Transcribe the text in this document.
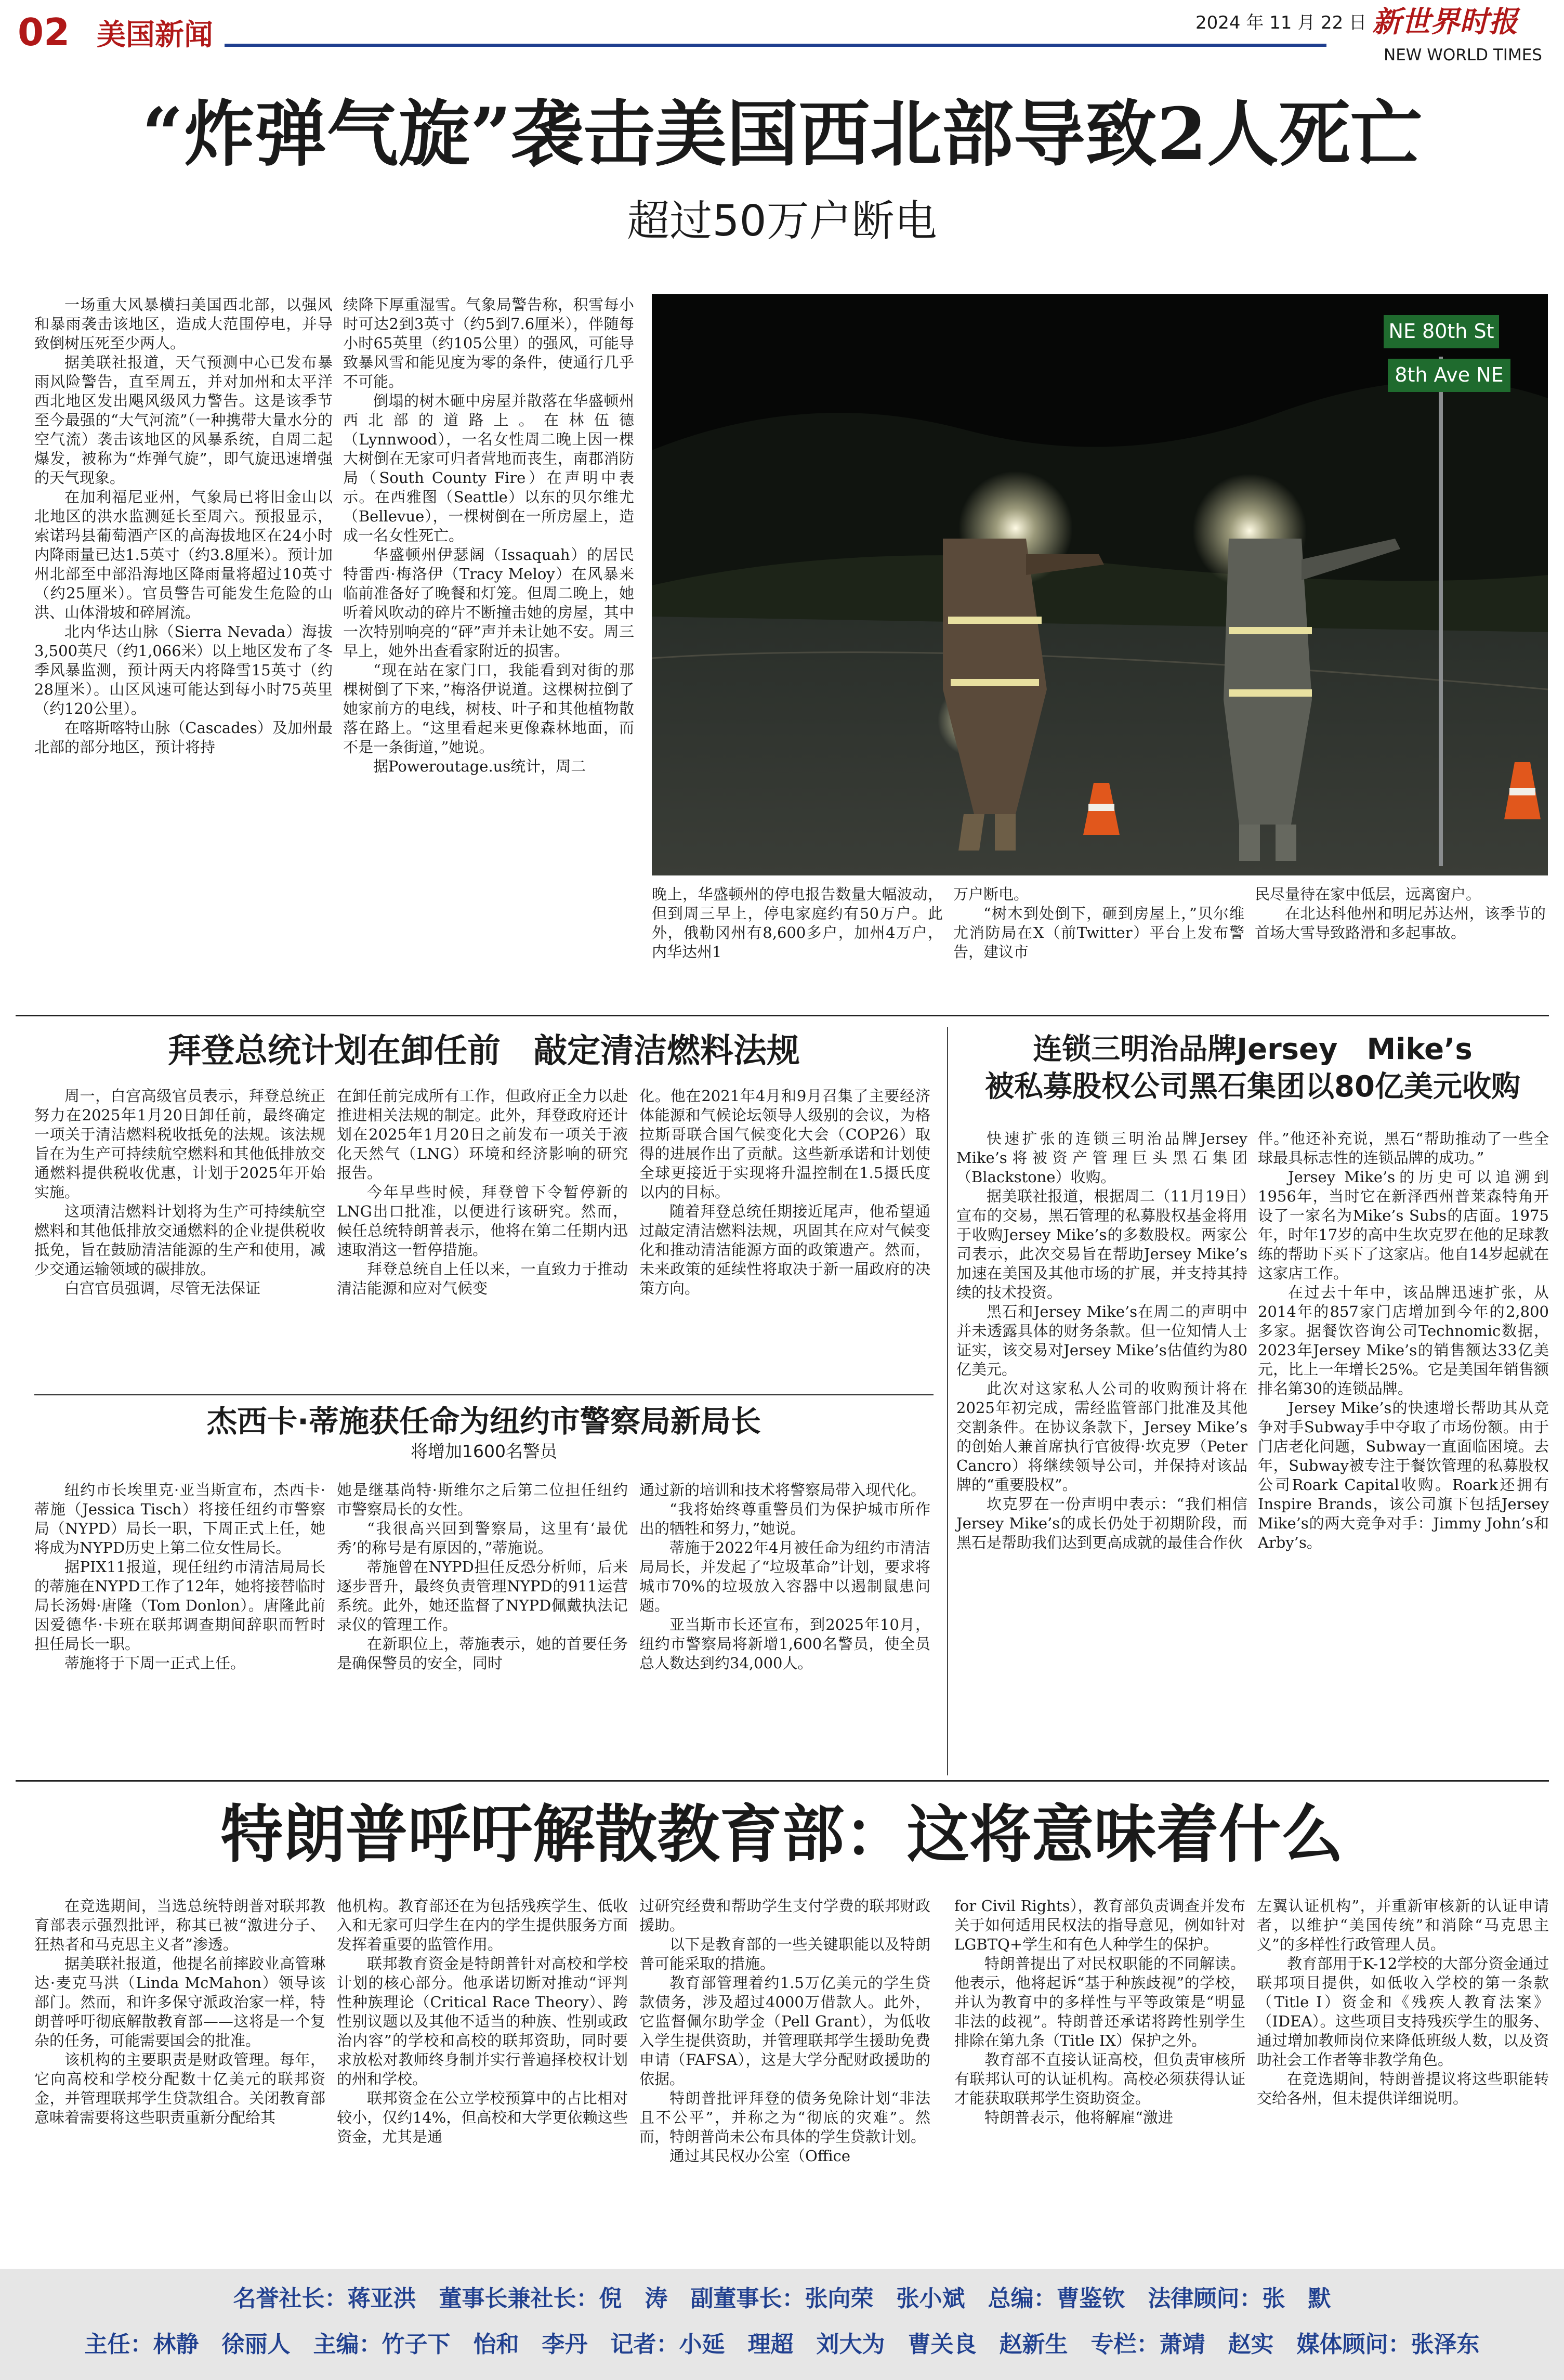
02 美国新闻	2024 年 11 月 22 日 新世界时报
NEW WORLD TIMES
“炸弹气旋”袭击美国西北部导致2人死亡
超过50万户断电

一场重大风暴横扫美国西北部，以强风和暴雨袭击该地区，造成大范围停电，并导致倒树压死至少两人。

据美联社报道，天气预测中心已发布暴雨风险警告，直至周五，并对加州和太平洋西北地区发出飓风级风力警告。这是该季节至今最强的“大气河流”（一种携带大量水分的空气流）袭击该地区的风暴系统，自周二起爆发，被称为“炸弹气旋”，即气旋迅速增强的天气现象。

在加利福尼亚州，气象局已将旧金山以北地区的洪水监测延长至周六。预报显示，索诺玛县葡萄酒产区的高海拔地区在24小时内降雨量已达1.5英寸（约3.8厘米）。预计加州北部至中部沿海地区降雨量将超过10英寸（约25厘米）。官员警告可能发生危险的山洪、山体滑坡和碎屑流。

北内华达山脉（Sierra Nevada）海拔3,500英尺（约1,066米）以上地区发布了冬季风暴监测，预计两天内将降雪15英寸（约28厘米）。山区风速可能达到每小时75英里（约120公里）。

在喀斯喀特山脉（Cascades）及加州最北部的部分地区，预计将持

续降下厚重湿雪。气象局警告称，积雪每小时可达2到3英寸（约5到7.6厘米），伴随每小时65英里（约105公里）的强风，可能导致暴风雪和能见度为零的条件，使通行几乎不可能。

倒塌的树木砸中房屋并散落在华盛顿州西北部的道路上。在林伍德（Lynnwood），一名女性周二晚上因一棵大树倒在无家可归者营地而丧生，南郡消防局（South County Fire）在声明中表示。在西雅图（Seattle）以东的贝尔维尤（Bellevue），一棵树倒在一所房屋上，造成一名女性死亡。

华盛顿州伊瑟阔（Issaquah）的居民特雷西·梅洛伊（Tracy Meloy）在风暴来临前准备好了晚餐和灯笼。但周二晚上，她听着风吹动的碎片不断撞击她的房屋，其中一次特别响亮的“砰”声并未让她不安。周三早上，她外出查看家附近的损害。

“现在站在家门口，我能看到对街的那棵树倒了下来，”梅洛伊说道。这棵树拉倒了她家前方的电线，树枝、叶子和其他植物散落在路上。“这里看起来更像森林地面，而不是一条街道，”她说。

据Poweroutage.us统计，周二

NE 80th St
8th Ave NE

晚上，华盛顿州的停电报告数量大幅波动，但到周三早上，停电家庭约有50万户。此外，俄勒冈州有8,600多户，加州4万户，内华达州1

万户断电。

“树木到处倒下，砸到房屋上，”贝尔维尤消防局在X（前Twitter）平台上发布警告，建议市

民尽量待在家中低层，远离窗户。

在北达科他州和明尼苏达州，该季节的首场大雪导致路滑和多起事故。

拜登总统计划在卸任前　敲定清洁燃料法规

周一，白宫高级官员表示，拜登总统正努力在2025年1月20日卸任前，最终确定一项关于清洁燃料税收抵免的法规。该法规旨在为生产可持续航空燃料和其他低排放交通燃料提供税收优惠，计划于2025年开始实施。

这项清洁燃料计划将为生产可持续航空燃料和其他低排放交通燃料的企业提供税收抵免，旨在鼓励清洁能源的生产和使用，减少交通运输领域的碳排放。

白宫官员强调，尽管无法保证

在卸任前完成所有工作，但政府正全力以赴推进相关法规的制定。此外，拜登政府还计划在2025年1月20日之前发布一项关于液化天然气（LNG）环境和经济影响的研究报告。

今年早些时候，拜登曾下令暂停新的LNG出口批准，以便进行该研究。然而，候任总统特朗普表示，他将在第二任期内迅速取消这一暂停措施。

拜登总统自上任以来，一直致力于推动清洁能源和应对气候变

化。他在2021年4月和9月召集了主要经济体能源和气候论坛领导人级别的会议，为格拉斯哥联合国气候变化大会（COP26）取得的进展作出了贡献。这些新承诺和计划使全球更接近于实现将升温控制在1.5摄氏度以内的目标。

随着拜登总统任期接近尾声，他希望通过敲定清洁燃料法规，巩固其在应对气候变化和推动清洁能源方面的政策遗产。然而，未来政策的延续性将取决于新一届政府的决策方向。

杰西卡·蒂施获任命为纽约市警察局新局长
将增加1600名警员

纽约市长埃里克·亚当斯宣布，杰西卡·蒂施（Jessica Tisch）将接任纽约市警察局（NYPD）局长一职，下周正式上任，她将成为NYPD历史上第二位女性局长。

据PIX11报道，现任纽约市清洁局局长的蒂施在NYPD工作了12年，她将接替临时局长汤姆·唐隆（Tom Donlon）。唐隆此前因爱德华·卡班在联邦调查期间辞职而暂时担任局长一职。

蒂施将于下周一正式上任。

她是继基尚特·斯维尔之后第二位担任纽约市警察局长的女性。

“我很高兴回到警察局，这里有‘最优秀’的称号是有原因的，”蒂施说。

蒂施曾在NYPD担任反恐分析师，后来逐步晋升，最终负责管理NYPD的911运营系统。此外，她还监督了NYPD佩戴执法记录仪的管理工作。

在新职位上，蒂施表示，她的首要任务是确保警员的安全，同时

通过新的培训和技术将警察局带入现代化。

“我将始终尊重警员们为保护城市所作出的牺牲和努力，”她说。

蒂施于2022年4月被任命为纽约市清洁局局长，并发起了“垃圾革命”计划，要求将城市70%的垃圾放入容器中以遏制鼠患问题。

亚当斯市长还宣布，到2025年10月，纽约市警察局将新增1,600名警员，使全员总人数达到约34,000人。

连锁三明治品牌Jersey　Mike’s
被私募股权公司黑石集团以80亿美元收购

快速扩张的连锁三明治品牌Jersey Mike’s将被资产管理巨头黑石集团（Blackstone）收购。

据美联社报道，根据周二（11月19日）宣布的交易，黑石管理的私募股权基金将用于收购Jersey Mike’s的多数股权。两家公司表示，此次交易旨在帮助Jersey Mike’s加速在美国及其他市场的扩展，并支持其持续的技术投资。

黑石和Jersey Mike’s在周二的声明中并未透露具体的财务条款。但一位知情人士证实，该交易对Jersey Mike’s估值约为80亿美元。

此次对这家私人公司的收购预计将在2025年初完成，需经监管部门批准及其他交割条件。在协议条款下，Jersey Mike’s的创始人兼首席执行官彼得·坎克罗（Peter Cancro）将继续领导公司，并保持对该品牌的“重要股权”。

坎克罗在一份声明中表示：“我们相信Jersey Mike’s的成长仍处于初期阶段，而黑石是帮助我们达到更高成就的最佳合作伙

伴。”他还补充说，黑石“帮助推动了一些全球最具标志性的连锁品牌的成功。”

Jersey Mike’s的历史可以追溯到1956年，当时它在新泽西州普莱森特角开设了一家名为Mike’s Subs的店面。1975年，时年17岁的高中生坎克罗在他的足球教练的帮助下买下了这家店。他自14岁起就在这家店工作。

在过去十年中，该品牌迅速扩张，从2014年的857家门店增加到今年的2,800多家。据餐饮咨询公司Technomic数据，2023年Jersey Mike’s的销售额达33亿美元，比上一年增长25%。它是美国年销售额排名第30的连锁品牌。

Jersey Mike’s的快速增长帮助其从竞争对手Subway手中夺取了市场份额。由于门店老化问题，Subway一直面临困境。去年，Subway被专注于餐饮管理的私募股权公司Roark Capital收购。Roark还拥有Inspire Brands，该公司旗下包括Jersey Mike’s的两大竞争对手：Jimmy John’s和Arby’s。

特朗普呼吁解散教育部：这将意味着什么

在竞选期间，当选总统特朗普对联邦教育部表示强烈批评，称其已被“激进分子、狂热者和马克思主义者”渗透。

据美联社报道，他提名前摔跤业高管琳达·麦克马洪（Linda McMahon）领导该部门。然而，和许多保守派政治家一样，特朗普呼吁彻底解散教育部——这将是一个复杂的任务，可能需要国会的批准。

该机构的主要职责是财政管理。每年，它向高校和学校分配数十亿美元的联邦资金，并管理联邦学生贷款组合。关闭教育部意味着需要将这些职责重新分配给其

他机构。教育部还在为包括残疾学生、低收入和无家可归学生在内的学生提供服务方面发挥着重要的监管作用。

联邦教育资金是特朗普针对高校和学校计划的核心部分。他承诺切断对推动“评判性种族理论（Critical Race Theory）、跨性别议题以及其他不适当的种族、性别或政治内容”的学校和高校的联邦资助，同时要求放松对教师终身制并实行普遍择校权计划的州和学校。

联邦资金在公立学校预算中的占比相对较小，仅约14%，但高校和大学更依赖这些资金，尤其是通

过研究经费和帮助学生支付学费的联邦财政援助。

以下是教育部的一些关键职能以及特朗普可能采取的措施。

教育部管理着约1.5万亿美元的学生贷款债务，涉及超过4000万借款人。此外，它监督佩尔助学金（Pell Grant），为低收入学生提供资助，并管理联邦学生援助免费申请（FAFSA），这是大学分配财政援助的依据。

特朗普批评拜登的债务免除计划“非法且不公平”，并称之为“彻底的灾难”。然而，特朗普尚未公布具体的学生贷款计划。

通过其民权办公室（Office

for Civil Rights），教育部负责调查并发布关于如何适用民权法的指导意见，例如针对LGBTQ+学生和有色人种学生的保护。

特朗普提出了对民权职能的不同解读。他表示，他将起诉“基于种族歧视”的学校，并认为教育中的多样性与平等政策是“明显非法的歧视”。特朗普还承诺将跨性别学生排除在第九条（Title IX）保护之外。

教育部不直接认证高校，但负责审核所有联邦认可的认证机构。高校必须获得认证才能获取联邦学生资助资金。

特朗普表示，他将解雇“激进

左翼认证机构”，并重新审核新的认证申请者，以维护“美国传统”和消除“马克思主义”的多样性行政管理人员。

教育部用于K-12学校的大部分资金通过联邦项目提供，如低收入学校的第一条款（Title I）资金和《残疾人教育法案》（IDEA）。这些项目支持残疾学生的服务、通过增加教师岗位来降低班级人数，以及资助社会工作者等非教学角色。

在竞选期间，特朗普提议将这些职能转交给各州，但未提供详细说明。

名誉社长：蒋亚洪　董事长兼社长：倪　涛　副董事长：张向荣　张小斌　总编：曹鉴钦　法律顾问：张　默
主任：林静　徐丽人　主编：竹子下　怡和　李丹　记者：小延　理超　刘大为　曹关良　赵新生　专栏：萧靖　赵实　媒体顾问：张泽东
